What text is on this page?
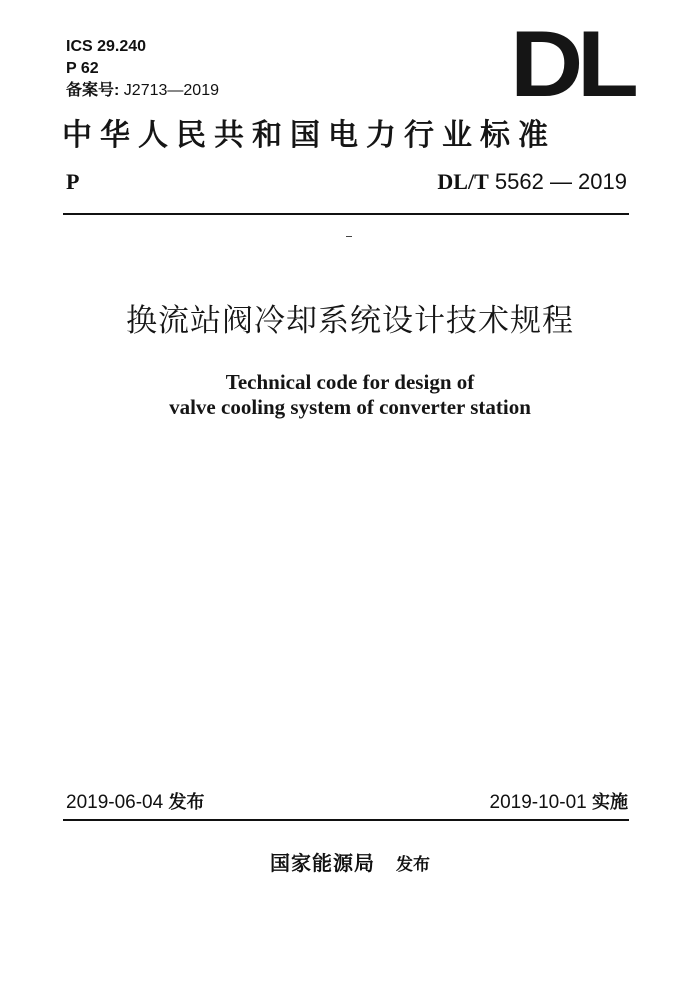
ICS 29.240
P 62
备案号: J2713—2019	DL
中华人民共和国电力行业标准
P	DL/T 5562 — 2019
换流站阀冷却系统设计技术规程
Technical code for design of
valve cooling system of converter station
2019-06-04 发布	2019-10-01 实施
国家能源局 发布
